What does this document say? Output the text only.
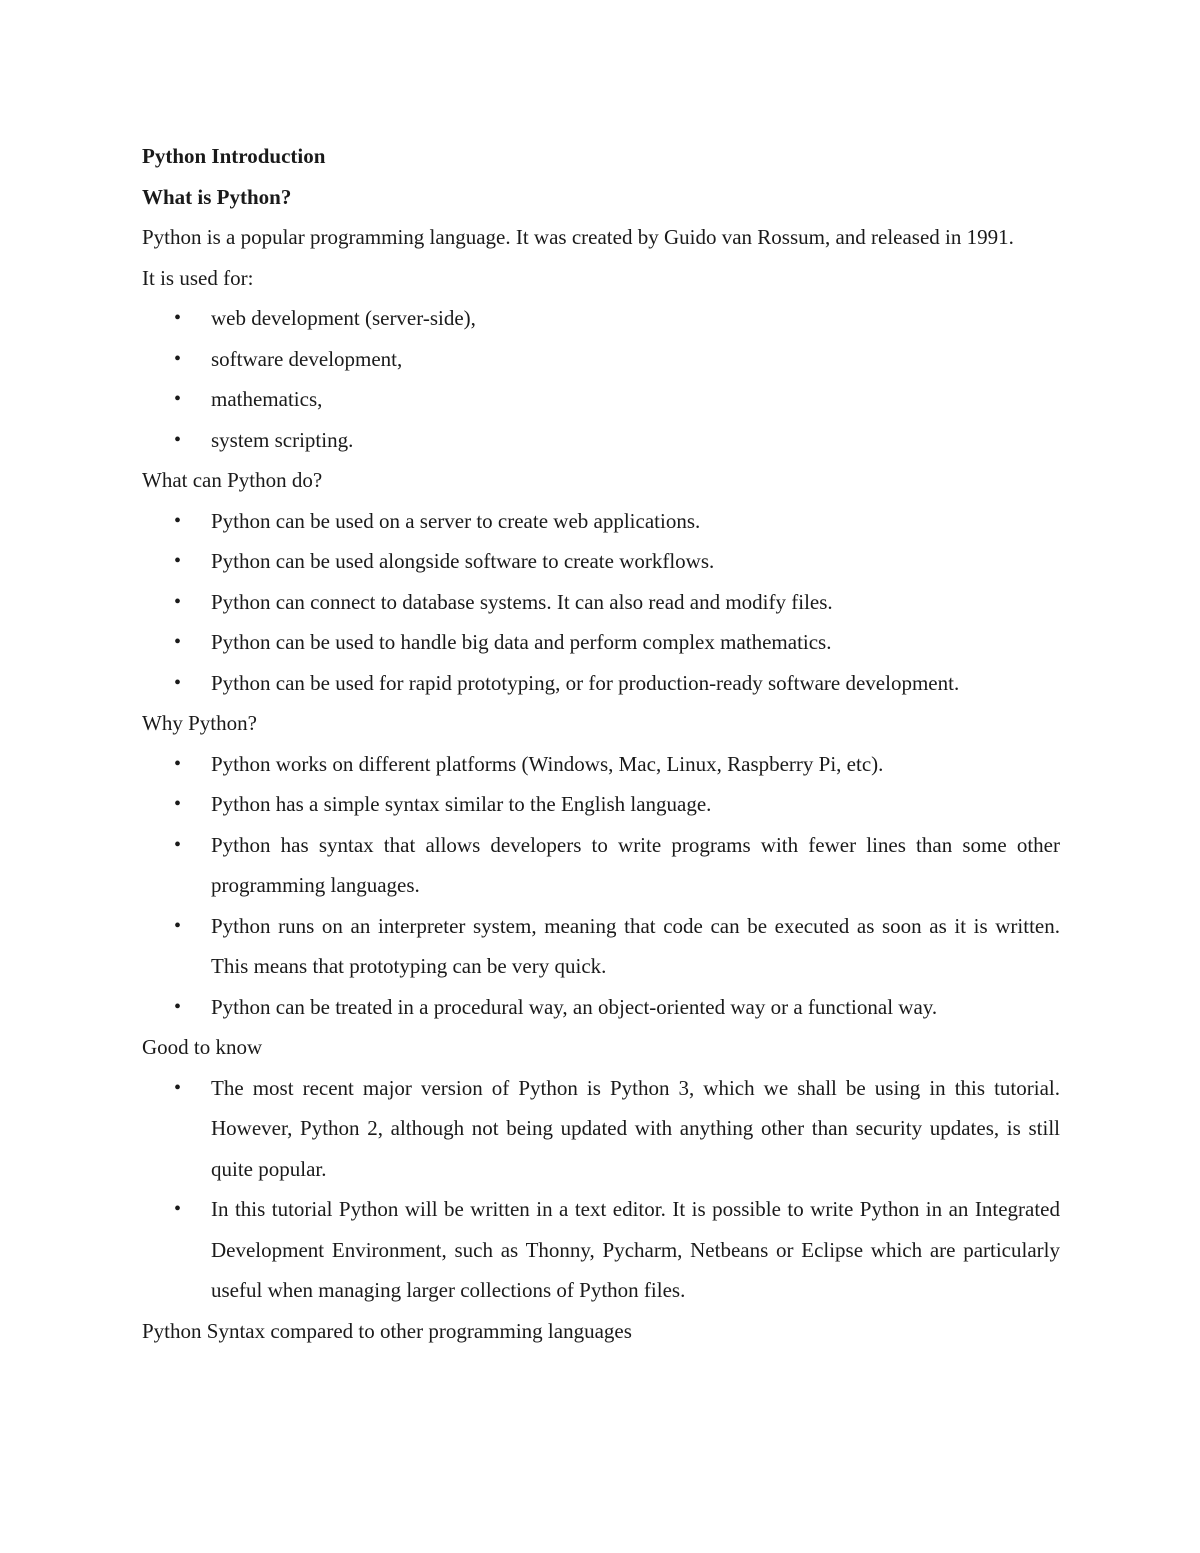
Python Introduction

What is Python?

Python is a popular programming language. It was created by Guido van Rossum, and released in 1991.

It is used for:

• web development (server-side),
• software development,
• mathematics,
• system scripting.

What can Python do?

• Python can be used on a server to create web applications.
• Python can be used alongside software to create workflows.
• Python can connect to database systems. It can also read and modify files.
• Python can be used to handle big data and perform complex mathematics.
• Python can be used for rapid prototyping, or for production-ready software development.

Why Python?

• Python works on different platforms (Windows, Mac, Linux, Raspberry Pi, etc).
• Python has a simple syntax similar to the English language.
• Python has syntax that allows developers to write programs with fewer lines than some other programming languages.
• Python runs on an interpreter system, meaning that code can be executed as soon as it is written. This means that prototyping can be very quick.
• Python can be treated in a procedural way, an object-oriented way or a functional way.

Good to know

• The most recent major version of Python is Python 3, which we shall be using in this tutorial. However, Python 2, although not being updated with anything other than security updates, is still quite popular.
• In this tutorial Python will be written in a text editor. It is possible to write Python in an Integrated Development Environment, such as Thonny, Pycharm, Netbeans or Eclipse which are particularly useful when managing larger collections of Python files.

Python Syntax compared to other programming languages
